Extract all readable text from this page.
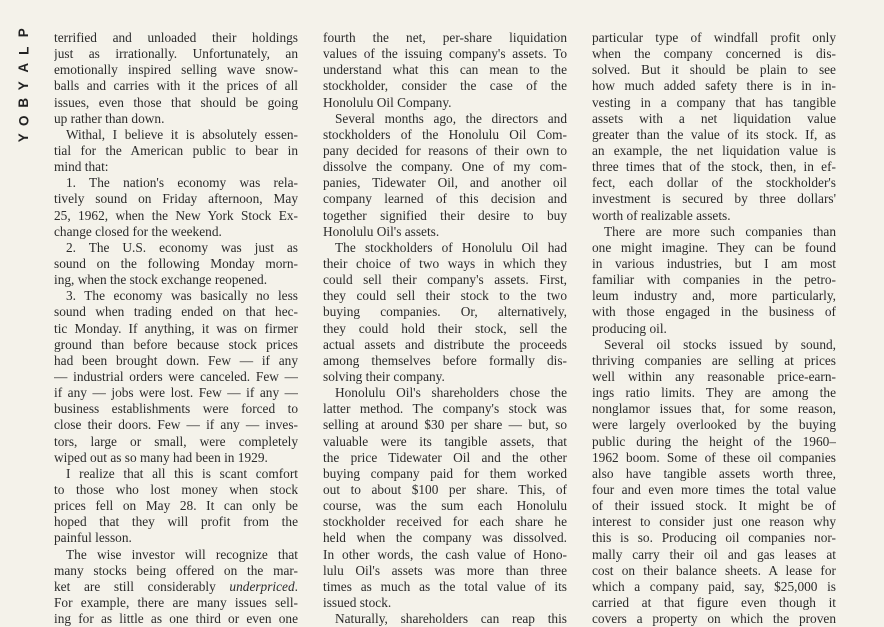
P
L
A
Y
B
O
Y
terrified and unloaded their holdings
just as irrationally. Unfortunately, an
emotionally inspired selling wave snow-
balls and carries with it the prices of all
issues, even those that should be going
up rather than down.
Withal, I believe it is absolutely essen-
tial for the American public to bear in
mind that:
1. The nation's economy was rela-
tively sound on Friday afternoon, May
25, 1962, when the New York Stock Ex-
change closed for the weekend.
2. The U.S. economy was just as
sound on the following Monday morn-
ing, when the stock exchange reopened.
3. The economy was basically no less
sound when trading ended on that hec-
tic Monday. If anything, it was on firmer
ground than before because stock prices
had been brought down. Few — if any
— industrial orders were canceled. Few —
if any — jobs were lost. Few — if any —
business establishments were forced to
close their doors. Few — if any — inves-
tors, large or small, were completely
wiped out as so many had been in 1929.
I realize that all this is scant comfort
to those who lost money when stock
prices fell on May 28. It can only be
hoped that they will profit from the
painful lesson.
The wise investor will recognize that
many stocks being offered on the mar-
ket are still considerably underpriced.
For example, there are many issues sell-
ing for as little as one third or even one
fourth the net, per-share liquidation
values of the issuing company's assets. To
understand what this can mean to the
stockholder, consider the case of the
Honolulu Oil Company.
Several months ago, the directors and
stockholders of the Honolulu Oil Com-
pany decided for reasons of their own to
dissolve the company. One of my com-
panies, Tidewater Oil, and another oil
company learned of this decision and
together signified their desire to buy
Honolulu Oil's assets.
The stockholders of Honolulu Oil had
their choice of two ways in which they
could sell their company's assets. First,
they could sell their stock to the two
buying companies. Or, alternatively,
they could hold their stock, sell the
actual assets and distribute the proceeds
among themselves before formally dis-
solving their company.
Honolulu Oil's shareholders chose the
latter method. The company's stock was
selling at around $30 per share — but, so
valuable were its tangible assets, that
the price Tidewater Oil and the other
buying company paid for them worked
out to about $100 per share. This, of
course, was the sum each Honolulu
stockholder received for each share he
held when the company was dissolved.
In other words, the cash value of Hono-
lulu Oil's assets was more than three
times as much as the total value of its
issued stock.
Naturally, shareholders can reap this
particular type of windfall profit only
when the company concerned is dis-
solved. But it should be plain to see
how much added safety there is in in-
vesting in a company that has tangible
assets with a net liquidation value
greater than the value of its stock. If, as
an example, the net liquidation value is
three times that of the stock, then, in ef-
fect, each dollar of the stockholder's
investment is secured by three dollars'
worth of realizable assets.
There are more such companies than
one might imagine. They can be found
in various industries, but I am most
familiar with companies in the petro-
leum industry and, more particularly,
with those engaged in the business of
producing oil.
Several oil stocks issued by sound,
thriving companies are selling at prices
well within any reasonable price-earn-
ings ratio limits. They are among the
nonglamor issues that, for some reason,
were largely overlooked by the buying
public during the height of the 1960–
1962 boom. Some of these oil companies
also have tangible assets worth three,
four and even more times the total value
of their issued stock. It might be of
interest to consider just one reason why
this is so. Producing oil companies nor-
mally carry their oil and gas leases at
cost on their balance sheets. A lease for
which a company paid, say, $25,000 is
carried at that figure even though it
covers a property on which the proven
